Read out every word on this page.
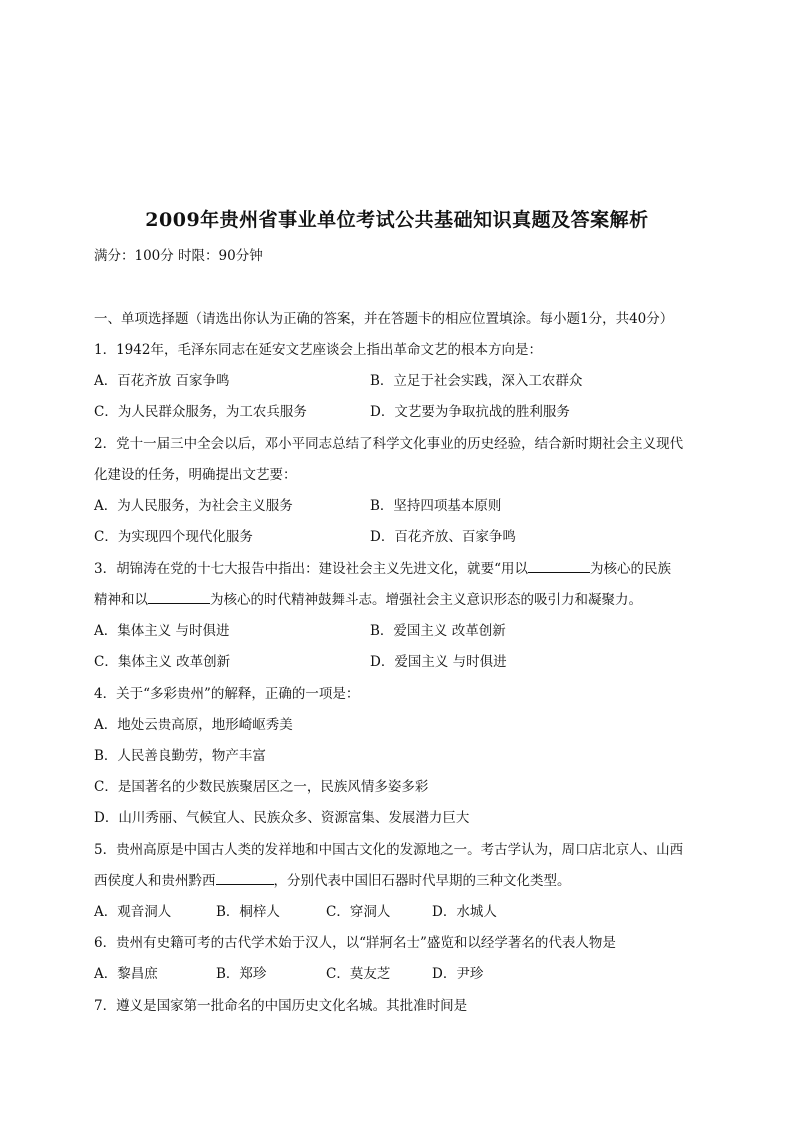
2009年贵州省事业单位考试公共基础知识真题及答案解析
满分：100分 时限：90分钟
一、单项选择题（请选出你认为正确的答案，并在答题卡的相应位置填涂。每小题1分，共40分）
1．1942年，毛泽东同志在延安文艺座谈会上指出革命文艺的根本方向是：
A．百花齐放 百家争鸣	B．立足于社会实践，深入工农群众
C．为人民群众服务，为工农兵服务	D．文艺要为争取抗战的胜利服务
2．党十一届三中全会以后，邓小平同志总结了科学文化事业的历史经验，结合新时期社会主义现代
化建设的任务，明确提出文艺要：
A．为人民服务，为社会主义服务	B．坚持四项基本原则
C．为实现四个现代化服务	D．百花齐放、百家争鸣
3．胡锦涛在党的十七大报告中指出：建设社会主义先进文化，就要“用以	为核心的民族
精神和以	为核心的时代精神鼓舞斗志。增强社会主义意识形态的吸引力和凝聚力。
A．集体主义 与时俱进	B．爱国主义 改革创新
C．集体主义 改革创新	D．爱国主义 与时俱进
4．关于“多彩贵州”的解释，正确的一项是：
A．地处云贵高原，地形崎岖秀美
B．人民善良勤劳，物产丰富
C．是国著名的少数民族聚居区之一，民族风情多姿多彩
D．山川秀丽、气候宜人、民族众多、资源富集、发展潜力巨大
5．贵州高原是中国古人类的发祥地和中国古文化的发源地之一。考古学认为，周口店北京人、山西
西侯度人和贵州黔西	，分别代表中国旧石器时代早期的三种文化类型。
A．观音洞人	B．桐梓人	C．穿洞人	D．水城人
6．贵州有史籍可考的古代学术始于汉人，以“牂牁名士”盛览和以经学著名的代表人物是
A．黎昌庶	B．郑珍	C．莫友芝	D．尹珍
7．遵义是国家第一批命名的中国历史文化名城。其批准时间是
